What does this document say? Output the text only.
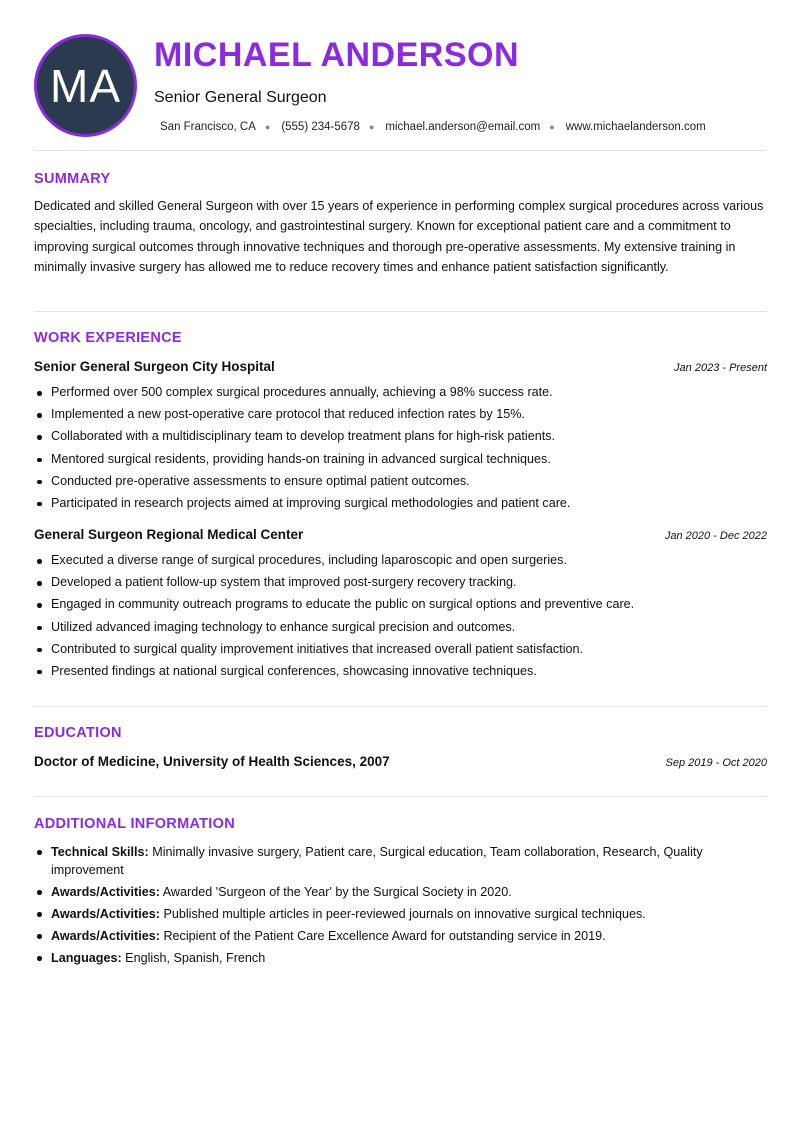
MA
MICHAEL ANDERSON
Senior General Surgeon
San Francisco, CA ● (555) 234-5678 ● michael.anderson@email.com ● www.michaelanderson.com
SUMMARY

Dedicated and skilled General Surgeon with over 15 years of experience in performing complex surgical procedures across various specialties, including trauma, oncology, and gastrointestinal surgery. Known for exceptional patient care and a commitment to improving surgical outcomes through innovative techniques and thorough pre-operative assessments. My extensive training in minimally invasive surgery has allowed me to reduce recovery times and enhance patient satisfaction significantly.

WORK EXPERIENCE
Senior General Surgeon City Hospital	Jan 2023 - Present
Performed over 500 complex surgical procedures annually, achieving a 98% success rate.
Implemented a new post-operative care protocol that reduced infection rates by 15%.
Collaborated with a multidisciplinary team to develop treatment plans for high-risk patients.
Mentored surgical residents, providing hands-on training in advanced surgical techniques.
Conducted pre-operative assessments to ensure optimal patient outcomes.
Participated in research projects aimed at improving surgical methodologies and patient care.
General Surgeon Regional Medical Center	Jan 2020 - Dec 2022
Executed a diverse range of surgical procedures, including laparoscopic and open surgeries.
Developed a patient follow-up system that improved post-surgery recovery tracking.
Engaged in community outreach programs to educate the public on surgical options and preventive care.
Utilized advanced imaging technology to enhance surgical precision and outcomes.
Contributed to surgical quality improvement initiatives that increased overall patient satisfaction.
Presented findings at national surgical conferences, showcasing innovative techniques.
EDUCATION
Doctor of Medicine, University of Health Sciences, 2007	Sep 2019 - Oct 2020
ADDITIONAL INFORMATION
Technical Skills: Minimally invasive surgery, Patient care, Surgical education, Team collaboration, Research, Quality improvement
Awards/Activities: Awarded 'Surgeon of the Year' by the Surgical Society in 2020.
Awards/Activities: Published multiple articles in peer-reviewed journals on innovative surgical techniques.
Awards/Activities: Recipient of the Patient Care Excellence Award for outstanding service in 2019.
Languages: English, Spanish, French
